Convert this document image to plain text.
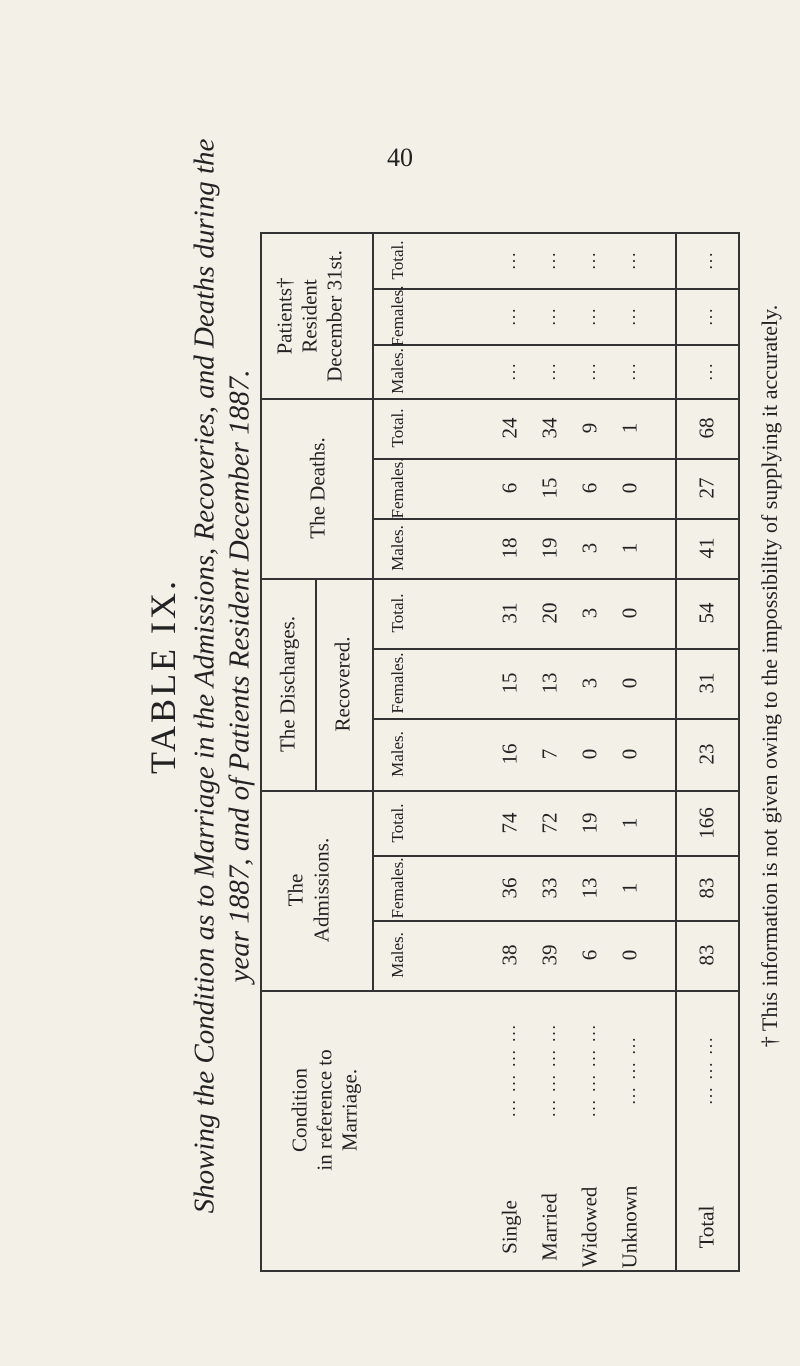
40
TABLE IX. Showing the Condition as to Marriage in the Admissions, Recoveries, and Deaths during the year 1887, and of Patients Resident December 1887.
Condition in reference to Marriage.
The Admissions.
The Discharges. Recovered.
The Deaths.
Patients† Resident December 31st.
Males.
Females.
Total.
Males.
Females.
Total.
Males.
Females.
Total.
Males.
Females.
Total.
Single
... ... ... ...
38
36
74
16
15
31
18
6
24
...
...
...
Married
... ... ... ...
39
33
72
7
13
20
19
15
34
...
...
...
Widowed
... ... ... ...
6
13
19
0
3
3
3
6
9
...
...
...
Unknown
... ... ...
0
1
1
0
0
0
1
0
1
...
...
...
Total
... ... ...
83
83
166
23
31
54
41
27
68
...
...
...
† This information is not given owing to the impossibility of supplying it accurately.
